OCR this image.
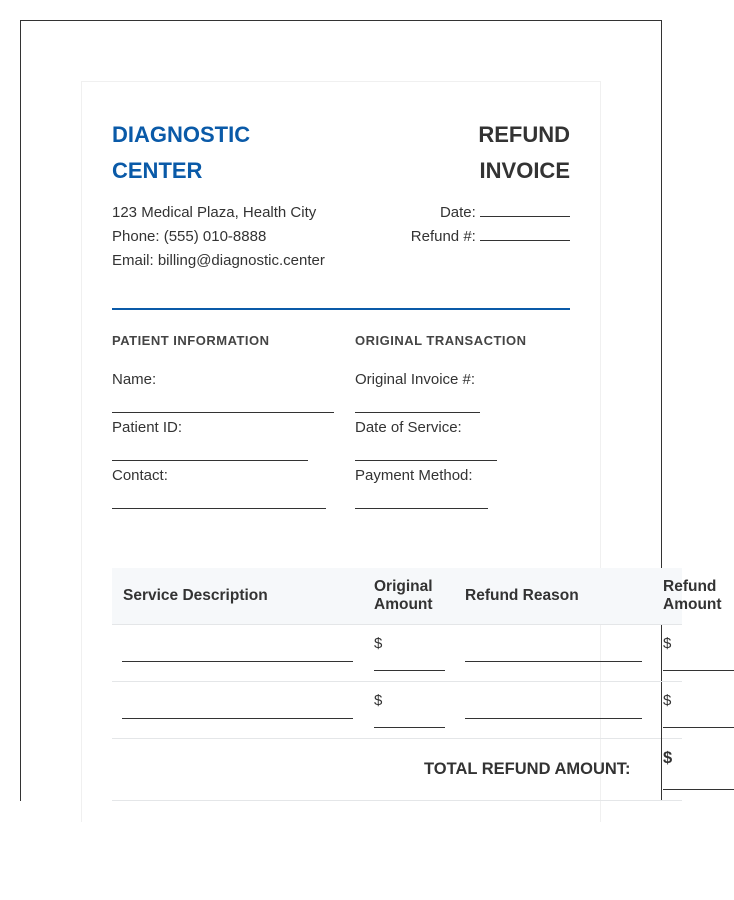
DIAGNOSTIC
CENTER
REFUND
INVOICE
123 Medical Plaza, Health City
Phone: (555) 010-8888
Email: billing@diagnostic.center
Date:
Refund #:
PATIENT INFORMATION
Name:
Patient ID:
Contact:
ORIGINAL TRANSACTION
Original Invoice #:
Date of Service:
Payment Method:
Service Description
Original Amount
Refund Reason
Refund Amount
$	$
$	$
TOTAL REFUND AMOUNT:
$
